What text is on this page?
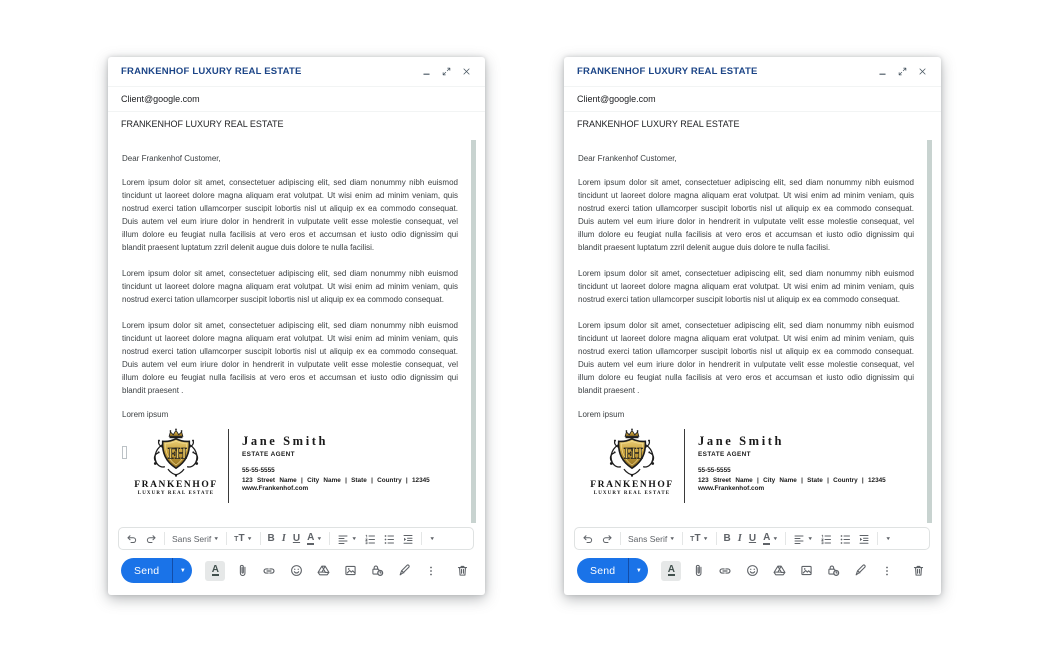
FRANKENHOF LUXURY REAL ESTATE
Client@google.com
FRANKENHOF LUXURY REAL ESTATE
Dear Frankenhof Customer,

Lorem ipsum dolor sit amet, consectetuer adipiscing elit, sed diam nonummy nibh euismod tincidunt ut laoreet dolore magna aliquam erat volutpat. Ut wisi enim ad minim veniam, quis nostrud exerci tation ullamcorper suscipit lobortis nisl ut aliquip ex ea commodo consequat. Duis autem vel eum iriure dolor in hendrerit in vulputate velit esse molestie consequat, vel illum dolore eu feugiat nulla facilisis at vero eros et accumsan et iusto odio dignissim qui blandit praesent luptatum zzril delenit augue duis dolore te nulla facilisi.

Lorem ipsum dolor sit amet, consectetuer adipiscing elit, sed diam nonummy nibh euismod tincidunt ut laoreet dolore magna aliquam erat volutpat. Ut wisi enim ad minim veniam, quis nostrud exerci tation ullamcorper suscipit lobortis nisl ut aliquip ex ea commodo consequat.

Lorem ipsum dolor sit amet, consectetuer adipiscing elit, sed diam nonummy nibh euismod tincidunt ut laoreet dolore magna aliquam erat volutpat. Ut wisi enim ad minim veniam, quis nostrud exerci tation ullamcorper suscipit lobortis nisl ut aliquip ex ea commodo consequat. Duis autem vel eum iriure dolor in hendrerit in vulputate velit esse molestie consequat, vel illum dolore eu feugiat nulla facilisis at vero eros et accumsan et iusto odio dignissim qui blandit praesent .

Lorem ipsum
FH
FRANKENHOF
LUXURY REAL ESTATE
Jane Smith
ESTATE AGENT
55-55-5555
123 Street Name | City Name | State | Country | 12345
www.Frankenhof.com
Sans Serif ▼ TT ▼ B I U A ▼	▼	▼
Send	▼	A
FRANKENHOF LUXURY REAL ESTATE
Client@google.com
FRANKENHOF LUXURY REAL ESTATE
Dear Frankenhof Customer,

Lorem ipsum dolor sit amet, consectetuer adipiscing elit, sed diam nonummy nibh euismod tincidunt ut laoreet dolore magna aliquam erat volutpat. Ut wisi enim ad minim veniam, quis nostrud exerci tation ullamcorper suscipit lobortis nisl ut aliquip ex ea commodo consequat. Duis autem vel eum iriure dolor in hendrerit in vulputate velit esse molestie consequat, vel illum dolore eu feugiat nulla facilisis at vero eros et accumsan et iusto odio dignissim qui blandit praesent luptatum zzril delenit augue duis dolore te nulla facilisi.

Lorem ipsum dolor sit amet, consectetuer adipiscing elit, sed diam nonummy nibh euismod tincidunt ut laoreet dolore magna aliquam erat volutpat. Ut wisi enim ad minim veniam, quis nostrud exerci tation ullamcorper suscipit lobortis nisl ut aliquip ex ea commodo consequat.

Lorem ipsum dolor sit amet, consectetuer adipiscing elit, sed diam nonummy nibh euismod tincidunt ut laoreet dolore magna aliquam erat volutpat. Ut wisi enim ad minim veniam, quis nostrud exerci tation ullamcorper suscipit lobortis nisl ut aliquip ex ea commodo consequat. Duis autem vel eum iriure dolor in hendrerit in vulputate velit esse molestie consequat, vel illum dolore eu feugiat nulla facilisis at vero eros et accumsan et iusto odio dignissim qui blandit praesent .

Lorem ipsum
FH
FRANKENHOF
LUXURY REAL ESTATE
Jane Smith
ESTATE AGENT
55-55-5555
123 Street Name | City Name | State | Country | 12345
www.Frankenhof.com
Sans Serif ▼ TT ▼ B I U A ▼	▼	▼
Send	▼	A
